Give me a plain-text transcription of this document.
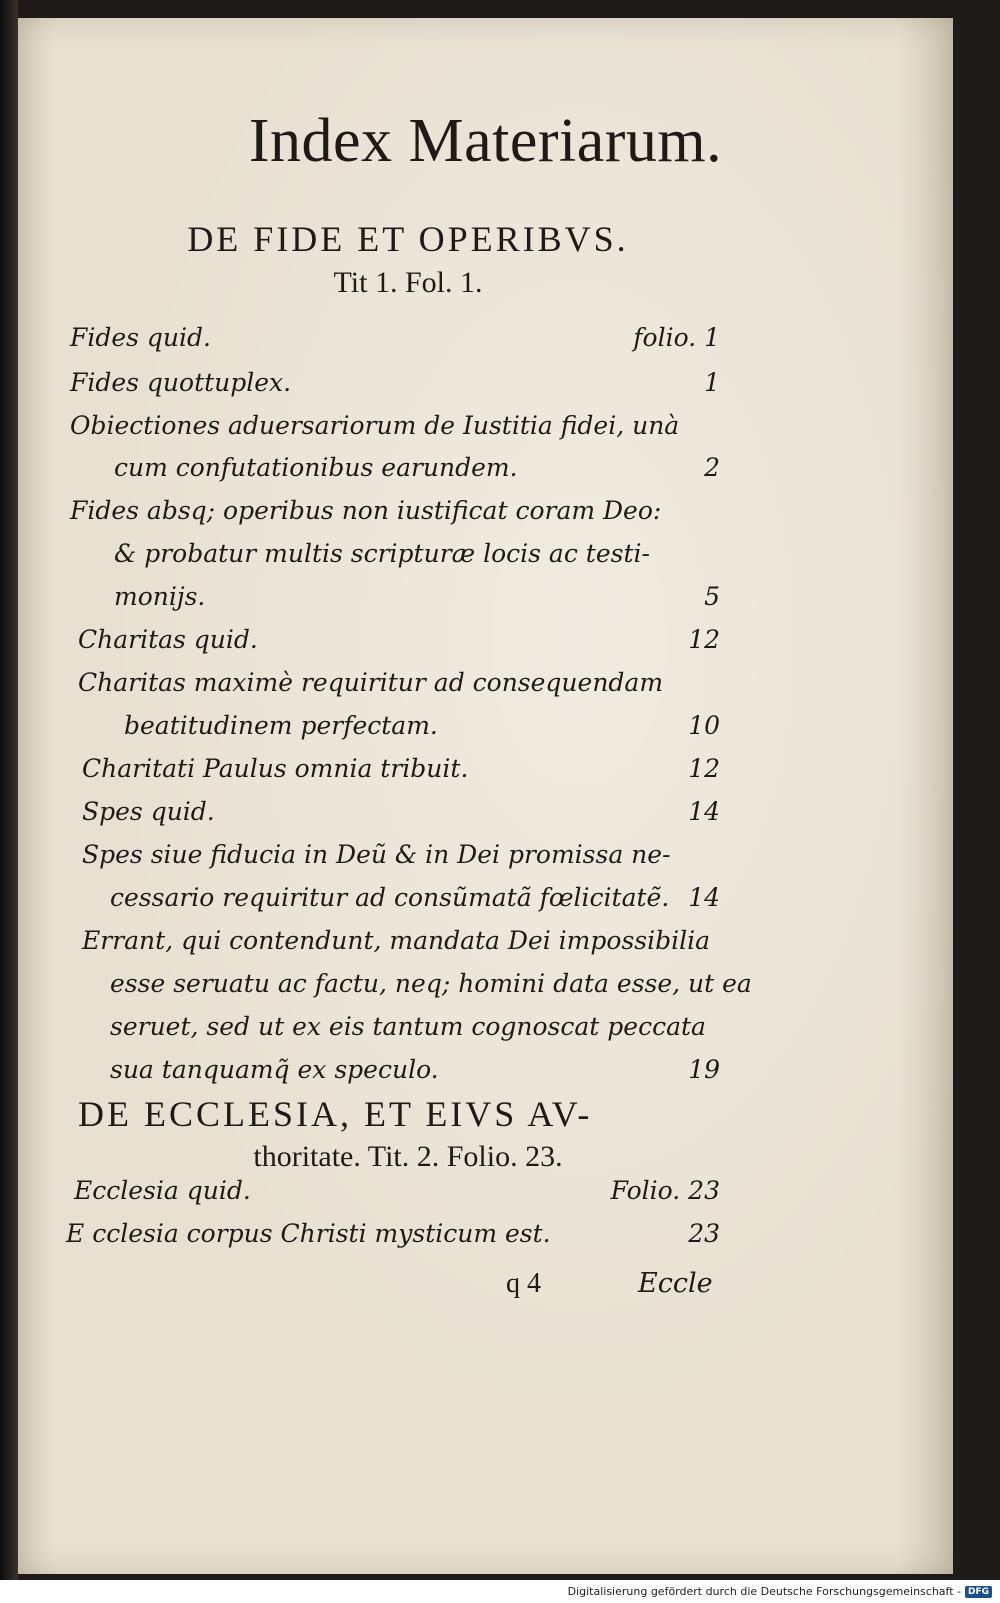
Index Materiarum.
DE FIDE ET OPERIBVS.
Tit 1. Fol. 1.
Fides quid.	folio. 1
Fides quottuplex.	1
Obiectiones aduersariorum de Iustitia fidei, unà
cum confutationibus earundem.	2
Fides absq; operibus non iustificat coram Deo:
& probatur multis scripturæ locis ac testi-
monijs.	5
Charitas quid.	12
Charitas maximè requiritur ad consequendam
beatitudinem perfectam.	10
Charitati Paulus omnia tribuit.	12
Spes quid.	14
Spes siue fiducia in Deũ & in Dei promissa ne-
cessario requiritur ad consũmatã fœlicitatẽ. 14
Errant, qui contendunt, mandata Dei impossibilia
esse seruatu ac factu, neq; homini data esse, ut ea
seruet, sed ut ex eis tantum cognoscat peccata
sua tanquamq̃ ex speculo.	19
DE ECCLESIA, ET EIVS AV-
thoritate. Tit. 2. Folio. 23.
Ecclesia quid.	Folio. 23
E cclesia corpus Christi mysticum est.	23
q 4	Eccle
Digitalisierung gefördert durch die Deutsche Forschungsgemeinschaft - DFG
